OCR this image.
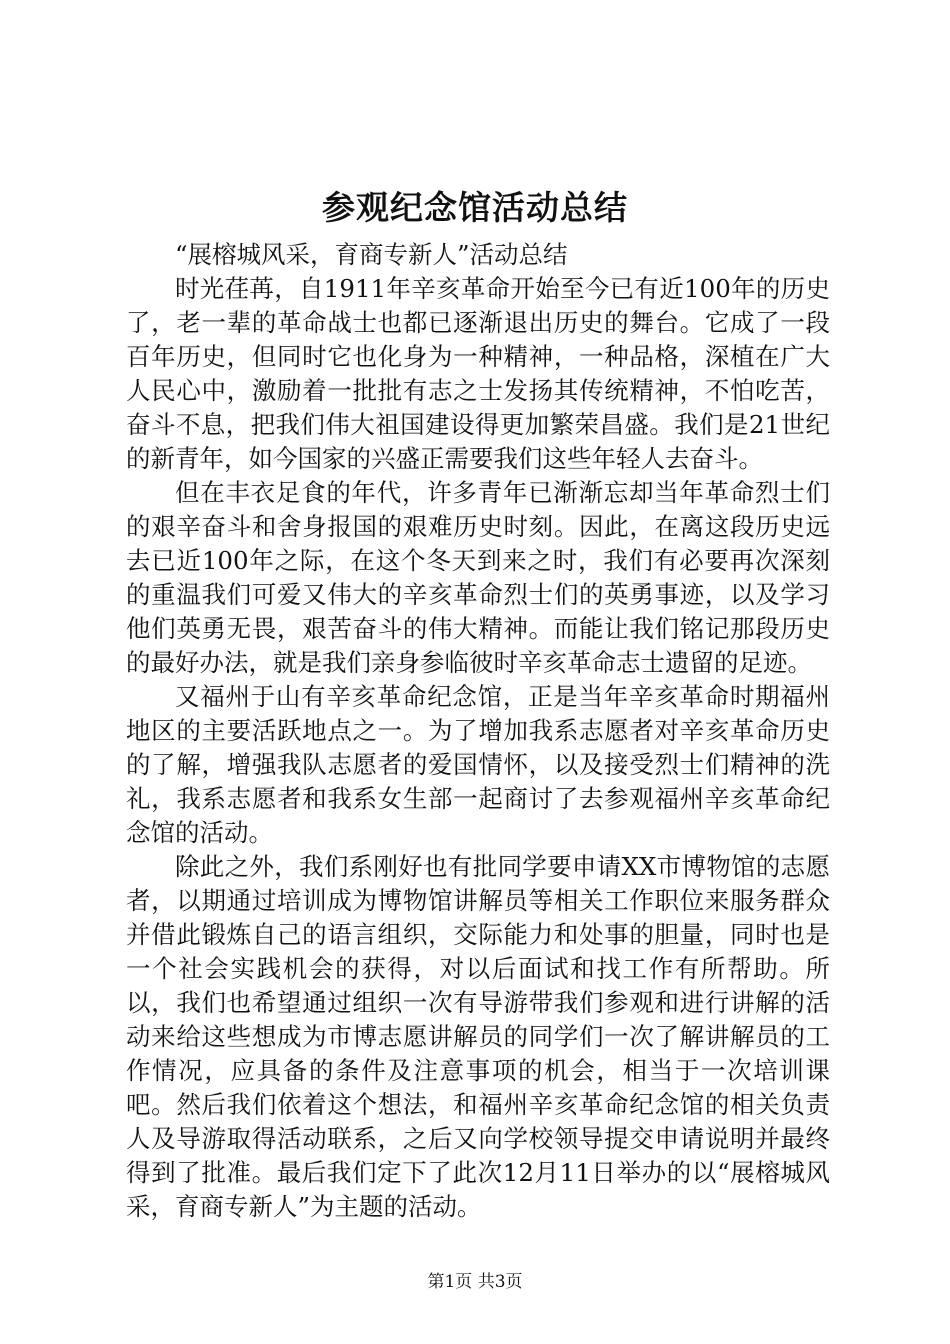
参观纪念馆活动总结

“展榕城风采，育商专新人”活动总结

时光荏苒，自1911年辛亥革命开始至今已有近100年的历史了，老一辈的革命战士也都已逐渐退出历史的舞台。它成了一段百年历史，但同时它也化身为一种精神，一种品格，深植在广大人民心中，激励着一批批有志之士发扬其传统精神，不怕吃苦，奋斗不息，把我们伟大祖国建设得更加繁荣昌盛。我们是21世纪的新青年，如今国家的兴盛正需要我们这些年轻人去奋斗。

但在丰衣足食的年代，许多青年已渐渐忘却当年革命烈士们的艰辛奋斗和舍身报国的艰难历史时刻。因此，在离这段历史远去已近100年之际，在这个冬天到来之时，我们有必要再次深刻的重温我们可爱又伟大的辛亥革命烈士们的英勇事迹，以及学习他们英勇无畏，艰苦奋斗的伟大精神。而能让我们铭记那段历史的最好办法，就是我们亲身参临彼时辛亥革命志士遗留的足迹。

又福州于山有辛亥革命纪念馆，正是当年辛亥革命时期福州地区的主要活跃地点之一。为了增加我系志愿者对辛亥革命历史的了解，增强我队志愿者的爱国情怀，以及接受烈士们精神的洗礼，我系志愿者和我系女生部一起商讨了去参观福州辛亥革命纪念馆的活动。

除此之外，我们系刚好也有批同学要申请XX市博物馆的志愿者，以期通过培训成为博物馆讲解员等相关工作职位来服务群众并借此锻炼自己的语言组织，交际能力和处事的胆量，同时也是一个社会实践机会的获得，对以后面试和找工作有所帮助。所以，我们也希望通过组织一次有导游带我们参观和进行讲解的活动来给这些想成为市博志愿讲解员的同学们一次了解讲解员的工作情况，应具备的条件及注意事项的机会，相当于一次培训课吧。然后我们依着这个想法，和福州辛亥革命纪念馆的相关负责人及导游取得活动联系，之后又向学校领导提交申请说明并最终得到了批准。最后我们定下了此次12月11日举办的以“展榕城风采，育商专新人”为主题的活动。

第1页 共3页
